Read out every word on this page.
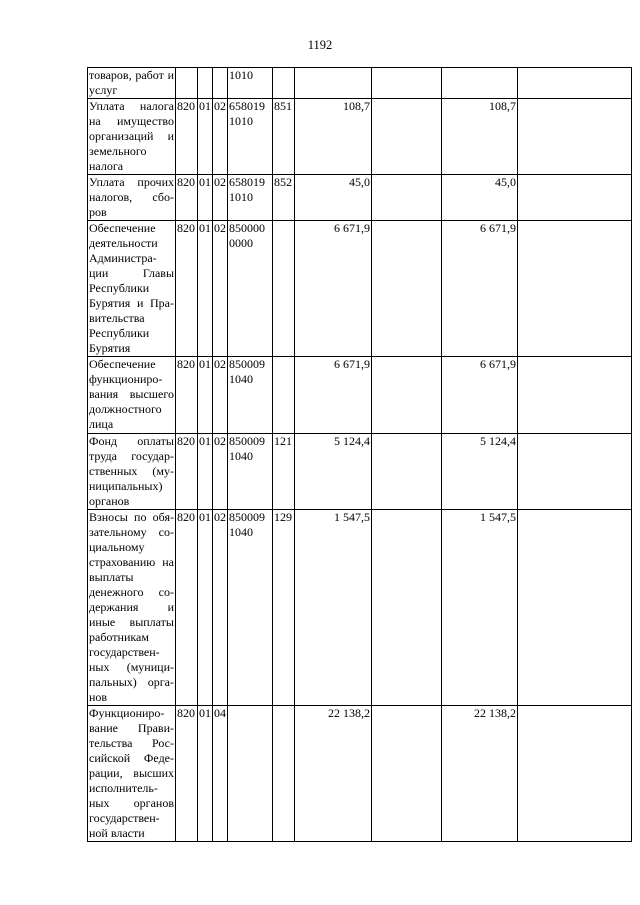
1192
товаров, работ и услуг				1010					
Уплата налога на имущество организаций и земельного налога	820	01	02	658019 1010	851	108,7		108,7	
Уплата прочих налогов, сбо-ров	820	01	02	658019 1010	852	45,0		45,0	
Обеспечение деятельности Администра-ции Главы Республики Бурятия и Пра-вительства Республики Бурятия	820	01	02	850000 0000		6 671,9		6 671,9	
Обеспечение функциониро-вания высшего должностного лица	820	01	02	850009 1040		6 671,9		6 671,9	
Фонд оплаты труда государ-ственных (му-ниципальных) органов	820	01	02	850009 1040	121	5 124,4		5 124,4	
Взносы по обя-зательному со-циальному страхованию на выплаты денежного со-держания и иные выплаты работникам государствен-ных (муници-пальных) орга-нов	820	01	02	850009 1040	129	1 547,5		1 547,5	
Функциониро-вание Прави-тельства Рос-сийской Феде-рации, высших исполнитель-ных органов государствен-ной власти	820	01	04			22 138,2		22 138,2	
